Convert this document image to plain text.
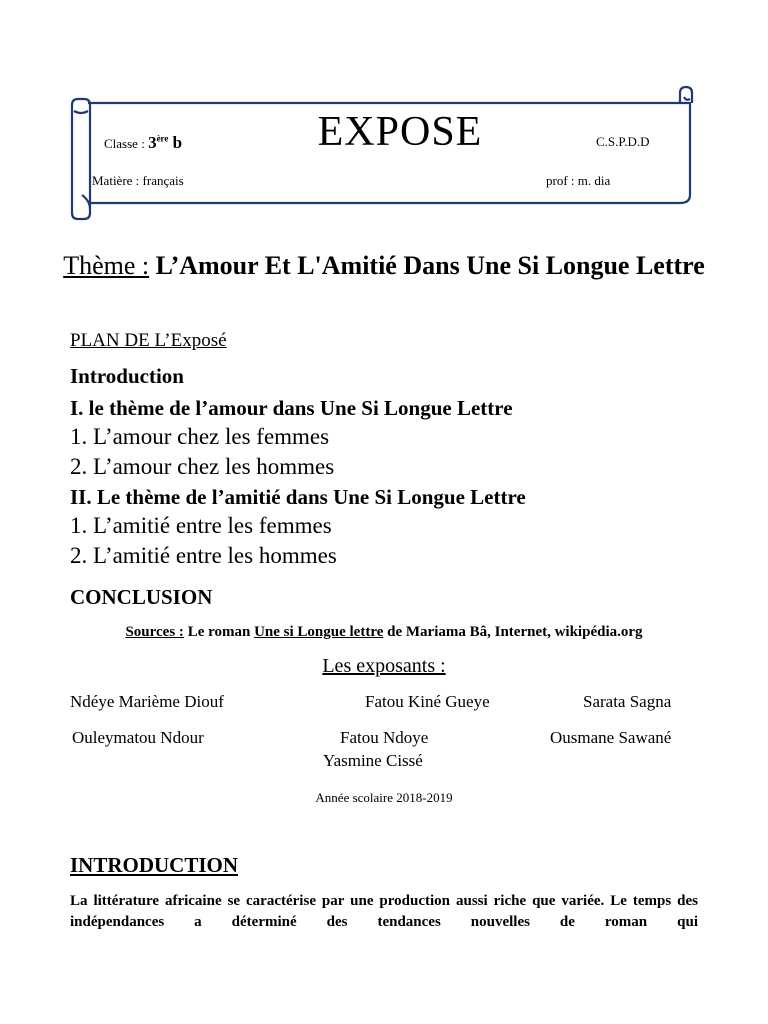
Classe : 3ère b	EXPOSE	C.S.P.D.D
Matière : français	prof : m. dia
Thème : L’Amour Et L'Amitié Dans Une Si Longue Lettre
PLAN DE L’Exposé
Introduction
I. le thème de l’amour dans Une Si Longue Lettre
1. L’amour chez les femmes
2. L’amour chez les hommes
II. Le thème de l’amitié dans Une Si Longue Lettre
1. L’amitié entre les femmes
2. L’amitié entre les hommes
CONCLUSION
Sources : Le roman Une si Longue lettre de Mariama Bâ, Internet, wikipédia.org
Les exposants :
Ndéye Marième Diouf	Fatou Kiné Gueye	Sarata Sagna
Ouleymatou Ndour	Fatou Ndoye	Ousmane Sawané
Yasmine Cissé
Année scolaire 2018-2019
INTRODUCTION
La littérature africaine se caractérise par une production aussi riche que variée. Le temps des indépendances a déterminé des tendances nouvelles de roman qui
